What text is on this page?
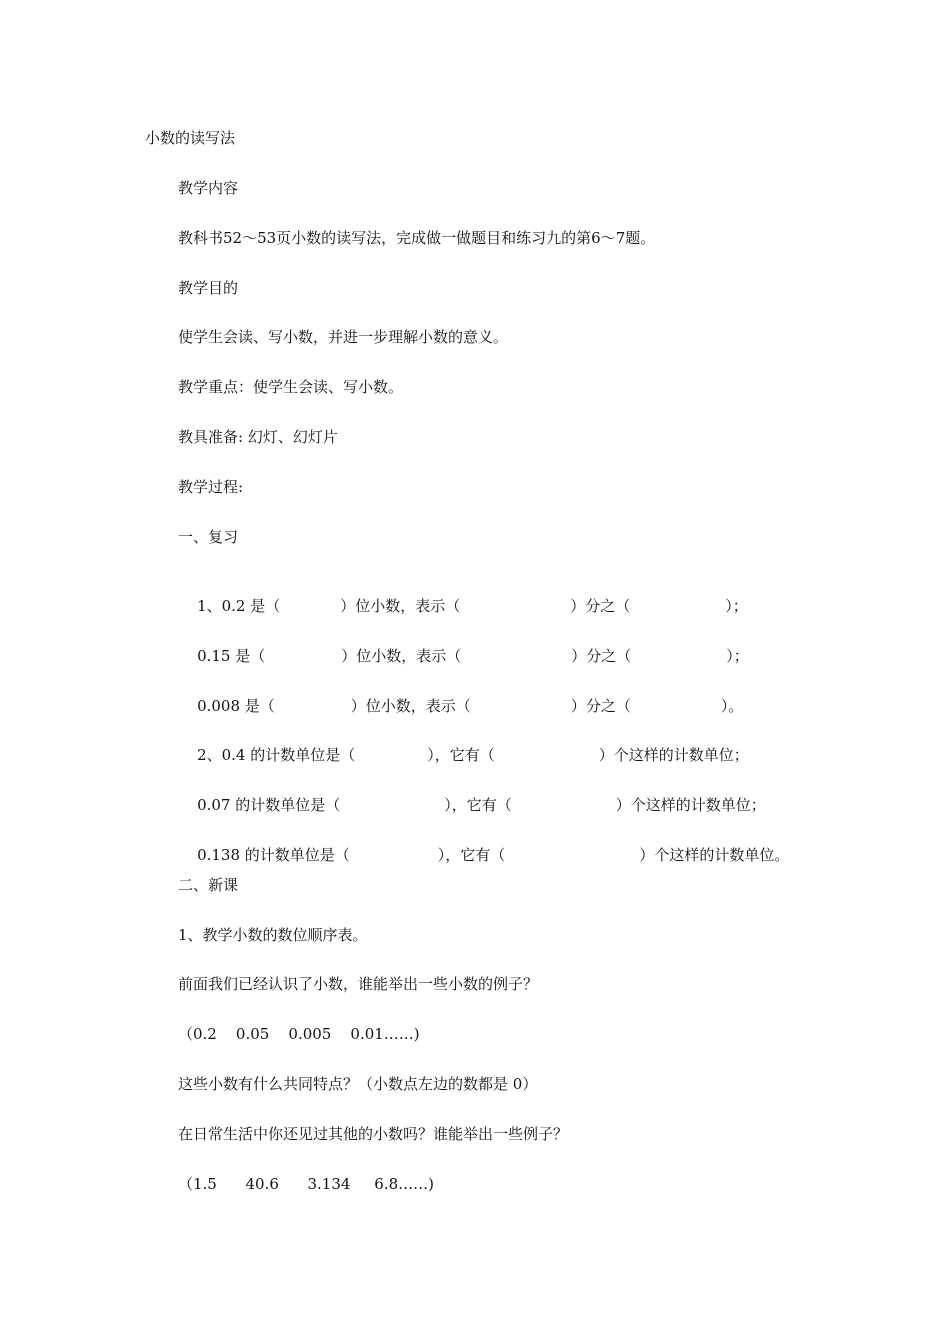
小数的读写法
教学内容
教科书52～53页小数的读写法，完成做一做题目和练习九的第6～7题。
教学目的
使学生会读、写小数，并进一步理解小数的意义。
教学重点：使学生会读、写小数。
教具准备: 幻灯、幻灯片
教学过程:
一、复习

1、0.2 是（	）位小数，表示（	）分之（	）；

0.15 是（	）位小数，表示（	）分之（	）；

0.008 是（	）位小数，表示（	）分之（	）。

2、0.4 的计数单位是（	），它有（	）个这样的计数单位；

0.07 的计数单位是（	），它有（	）个这样的计数单位；

0.138 的计数单位是（	），它有（	）个这样的计数单位。

二、新课
1、教学小数的数位顺序表。
前面我们已经认识了小数，谁能举出一些小数的例子？
（0.2    0.05    0.005    0.01……)
这些小数有什么共同特点？（小数点左边的数都是 0）
在日常生活中你还见过其他的小数吗？谁能举出一些例子？
（1.5      40.6      3.134     6.8……)
